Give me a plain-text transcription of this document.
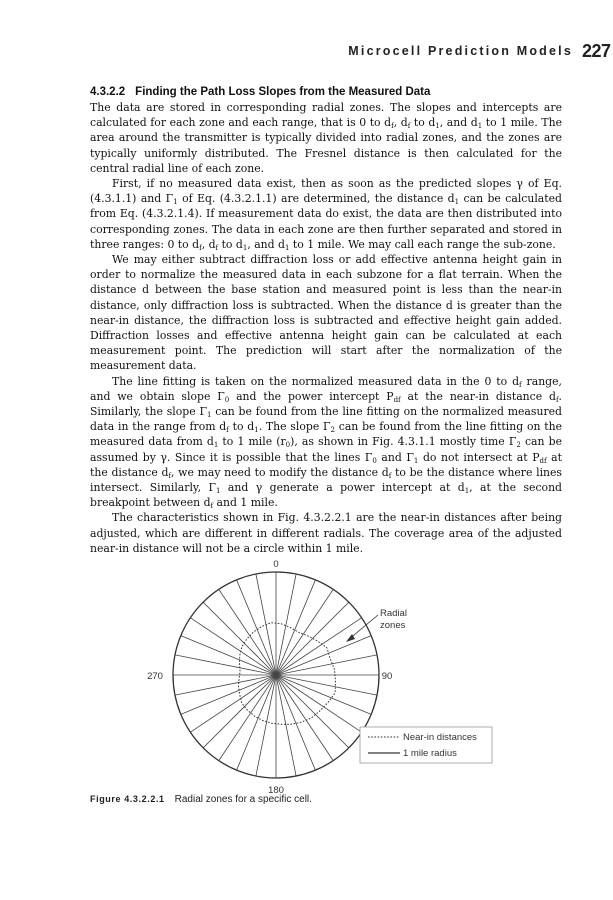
Microcell Prediction Models 227
4.3.2.2 Finding the Path Loss Slopes from the Measured Data

The data are stored in corresponding radial zones. The slopes and intercepts are calculated for each zone and each range, that is 0 to $d_f$, $d_f$ to $d_1$, and $d_1$ to 1 mile. The area around the transmitter is typically divided into radial zones, and the zones are typically uniformly distributed. The Fresnel distance is then calculated for the central radial line of each zone.

First, if no measured data exist, then as soon as the predicted slopes γ of Eq. (4.3.1.1) and $\Gamma_1$ of Eq. (4.3.2.1.1) are determined, the distance $d_1$ can be calculated from Eq. (4.3.2.1.4). If measurement data do exist, the data are then distributed into corresponding zones. The data in each zone are then further separated and stored in three ranges: 0 to $d_f$, $d_f$ to $d_1$, and $d_1$ to 1 mile. We may call each range the sub-zone.

We may either subtract diffraction loss or add effective antenna height gain in order to normalize the measured data in each subzone for a flat terrain. When the distance d between the base station and measured point is less than the near-in distance, only diffraction loss is subtracted. When the distance d is greater than the near-in distance, the diffraction loss is subtracted and effective height gain added. Diffraction losses and effective antenna height gain can be calculated at each measurement point. The prediction will start after the normalization of the measurement data.

The line fitting is taken on the normalized measured data in the 0 to $d_f$ range, and we obtain slope $\Gamma_0$ and the power intercept $P_{df}$ at the near-in distance $d_f$. Similarly, the slope $\Gamma_1$ can be found from the line fitting on the normalized measured data in the range from $d_f$ to $d_1$. The slope $\Gamma_2$ can be found from the line fitting on the measured data from $d_1$ to 1 mile $(r_0)$, as shown in Fig. 4.3.1.1 mostly time $\Gamma_2$ can be assumed by γ. Since it is possible that the lines $\Gamma_0$ and $\Gamma_1$ do not intersect at $P_{df}$ at the distance $d_f$, we may need to modify the distance $d_f$ to be the distance where lines intersect. Similarly, $\Gamma_1$ and γ generate a power intercept at $d_1$, at the second breakpoint between $d_f$ and 1 mile.

The characteristics shown in Fig. 4.3.2.2.1 are the near-in distances after being adjusted, which are different in different radials. The coverage area of the adjusted near-in distance will not be a circle within 1 mile.

0
90
180
270
Radial
zones
Near-in distances
1 mile radius
Figure 4.3.2.2.1 Radial zones for a specific cell.
